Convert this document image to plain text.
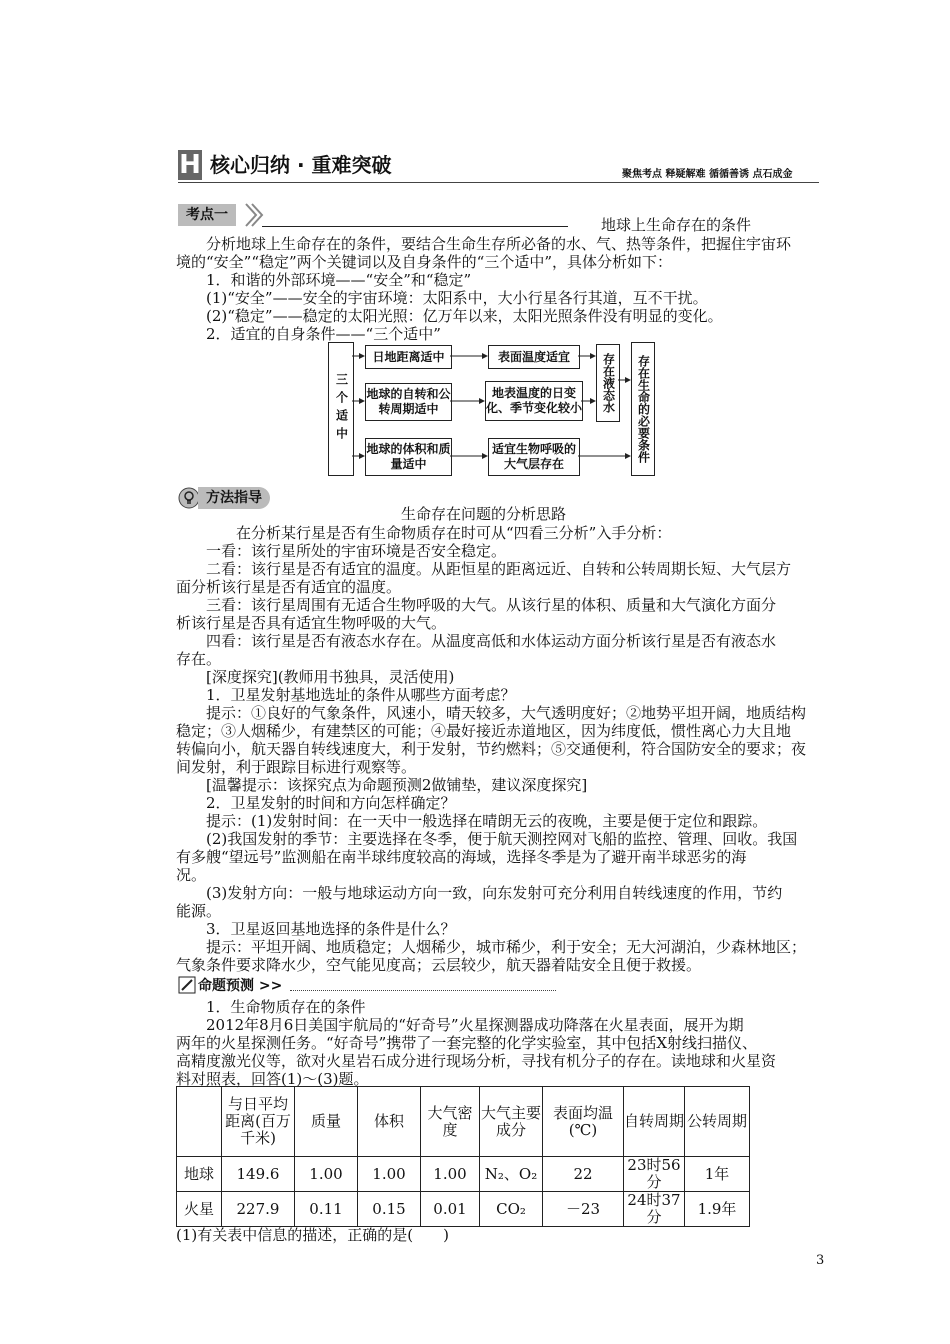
H 核心归纳 · 重难突破	聚焦考点 释疑解难 循循善诱 点石成金
考点一
地球上生命存在的条件
　　分析地球上生命存在的条件，要结合生命生存所必备的水、气、热等条件，把握住宇宙环
境的“安全”“稳定”两个关键词以及自身条件的“三个适中”，具体分析如下：
　　1．和谐的外部环境——“安全”和“稳定”
　　(1)“安全”——安全的宇宙环境：太阳系中，大小行星各行其道，互不干扰。
　　(2)“稳定”——稳定的太阳光照：亿万年以来，太阳光照条件没有明显的变化。
　　2．适宜的自身条件——“三个适中”
三个适中
日地距离适中	表面温度适宜
地球的自转和公转周期适中
地表温度的日变化、季节变化较小
地球的体积和质量适中
适宜生物呼吸的大气层存在
存在液态水	存在生命的必要条件
方法指导
生命存在问题的分析思路
　　　　在分析某行星是否有生命物质存在时可从“四看三分析”入手分析：
　　一看：该行星所处的宇宙环境是否安全稳定。
　　二看：该行星是否有适宜的温度。从距恒星的距离远近、自转和公转周期长短、大气层方
面分析该行星是否有适宜的温度。
　　三看：该行星周围有无适合生物呼吸的大气。从该行星的体积、质量和大气演化方面分
析该行星是否具有适宜生物呼吸的大气。
　　四看：该行星是否有液态水存在。从温度高低和水体运动方面分析该行星是否有液态水
存在。
　　[深度探究](教师用书独具，灵活使用)
　　1．卫星发射基地选址的条件从哪些方面考虑？
　　提示：①良好的气象条件，风速小，晴天较多，大气透明度好；②地势平坦开阔，地质结构
稳定；③人烟稀少，有建禁区的可能；④最好接近赤道地区，因为纬度低，惯性离心力大且地
转偏向小，航天器自转线速度大，利于发射，节约燃料；⑤交通便利，符合国防安全的要求；夜
间发射，利于跟踪目标进行观察等。
　　[温馨提示：该探究点为命题预测2做铺垫，建议深度探究]
　　2．卫星发射的时间和方向怎样确定？
　　提示：(1)发射时间：在一天中一般选择在晴朗无云的夜晚，主要是便于定位和跟踪。
　　(2)我国发射的季节：主要选择在冬季，便于航天测控网对飞船的监控、管理、回收。我国
有多艘“望远号”监测船在南半球纬度较高的海域，选择冬季是为了避开南半球恶劣的海
况。
　　(3)发射方向：一般与地球运动方向一致，向东发射可充分利用自转线速度的作用，节约
能源。
　　3．卫星返回基地选择的条件是什么？
　　提示：平坦开阔、地质稳定；人烟稀少，城市稀少，利于安全；无大河湖泊，少森林地区；
气象条件要求降水少，空气能见度高；云层较少，航天器着陆安全且便于救援。
命题预测 >>
　　1．生命物质存在的条件
　　2012年8月6日美国宇航局的“好奇号”火星探测器成功降落在火星表面，展开为期
两年的火星探测任务。“好奇号”携带了一套完整的化学实验室，其中包括X射线扫描仪、
高精度激光仪等，欲对火星岩石成分进行现场分析，寻找有机分子的存在。读地球和火星资
料对照表，回答(1)～(3)题。
	与日平均距离(百万千米)	质量	体积	大气密度	大气主要成分	表面均温(℃)	自转周期	公转周期
地球	149.6	1.00	1.00	1.00	N₂、O₂	22	23时56分	1年
火星	227.9	0.11	0.15	0.01	CO₂	－23	24时37分	1.9年
(1)有关表中信息的描述，正确的是(　　)
3
